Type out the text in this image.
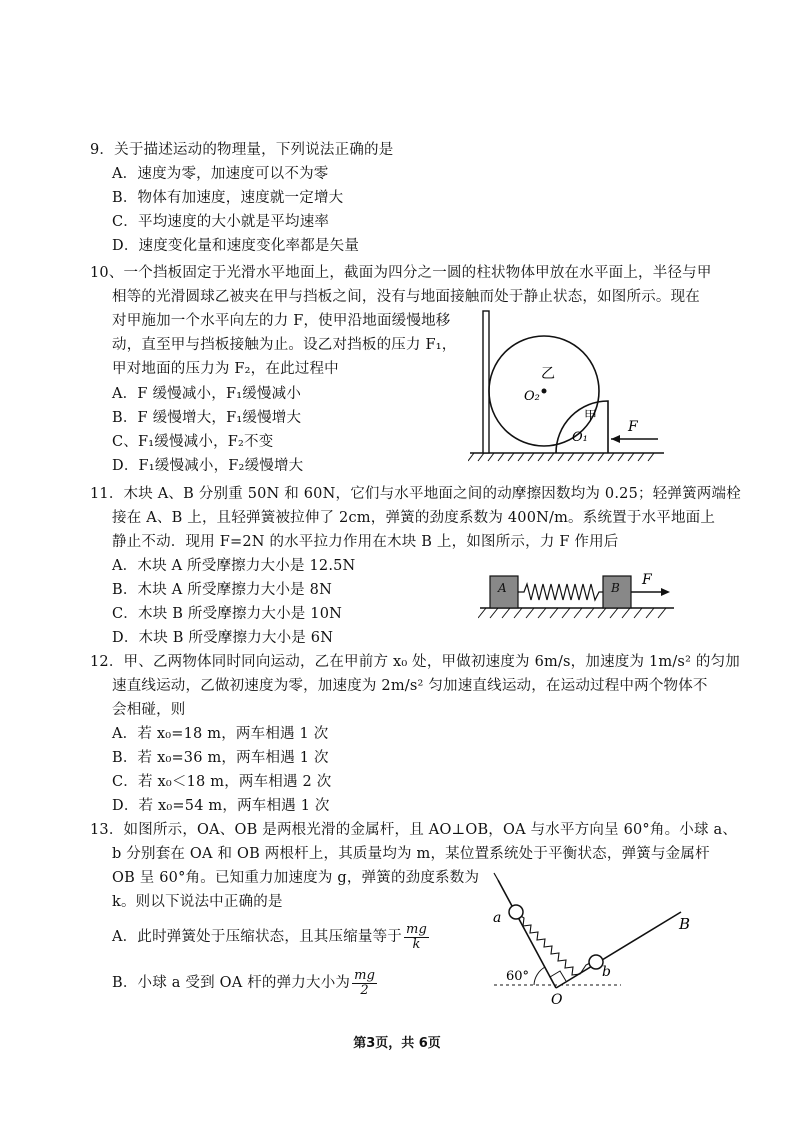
9．关于描述运动的物理量，下列说法正确的是
A．速度为零，加速度可以不为零
B．物体有加速度，速度就一定增大
C．平均速度的大小就是平均速率
D．速度变化量和速度变化率都是矢量
10、一个挡板固定于光滑水平地面上，截面为四分之一圆的柱状物体甲放在水平面上，半径与甲
相等的光滑圆球乙被夹在甲与挡板之间，没有与地面接触而处于静止状态，如图所示。现在
对甲施加一个水平向左的力 F，使甲沿地面缓慢地移
动，直至甲与挡板接触为止。设乙对挡板的压力 F₁，
甲对地面的压力为 F₂，在此过程中
A．F 缓慢减小，F₁缓慢减小
B．F 缓慢增大，F₁缓慢增大
C、F₁缓慢减小，F₂不变
D．F₁缓慢减小，F₂缓慢增大
乙
O₂
甲
O₁
F
11．木块 A、B 分别重 50N 和 60N，它们与水平地面之间的动摩擦因数均为 0.25；轻弹簧两端栓
接在 A、B 上，且轻弹簧被拉伸了 2cm，弹簧的劲度系数为 400N/m。系统置于水平地面上
静止不动．现用 F=2N 的水平拉力作用在木块 B 上，如图所示，力 F 作用后
A．木块 A 所受摩擦力大小是 12.5N
B．木块 A 所受摩擦力大小是 8N
C．木块 B 所受摩擦力大小是 10N
D．木块 B 所受摩擦力大小是 6N
A	B F
12．甲、乙两物体同时同向运动，乙在甲前方 x₀ 处，甲做初速度为 6m/s，加速度为 1m/s² 的匀加
速直线运动，乙做初速度为零，加速度为 2m/s² 匀加速直线运动，在运动过程中两个物体不
会相碰，则
A．若 x₀=18 m，两车相遇 1 次
B．若 x₀=36 m，两车相遇 1 次
C．若 x₀＜18 m，两车相遇 2 次
D．若 x₀=54 m，两车相遇 1 次
13．如图所示，OA、OB 是两根光滑的金属杆，且 AO⊥OB，OA 与水平方向呈 60°角。小球 a、
b 分别套在 OA 和 OB 两根杆上，其质量均为 m，某位置系统处于平衡状态，弹簧与金属杆
OB 呈 60°角。已知重力加速度为 g，弹簧的劲度系数为
k。则以下说法中正确的是
A．此时弹簧处于压缩状态，且其压缩量等于 $\frac{mg}{k}$
B．小球 a 受到 OA 杆的弹力大小为 $\frac{mg}{2}$	60°
a
b
O
B
第3页，共 6页
